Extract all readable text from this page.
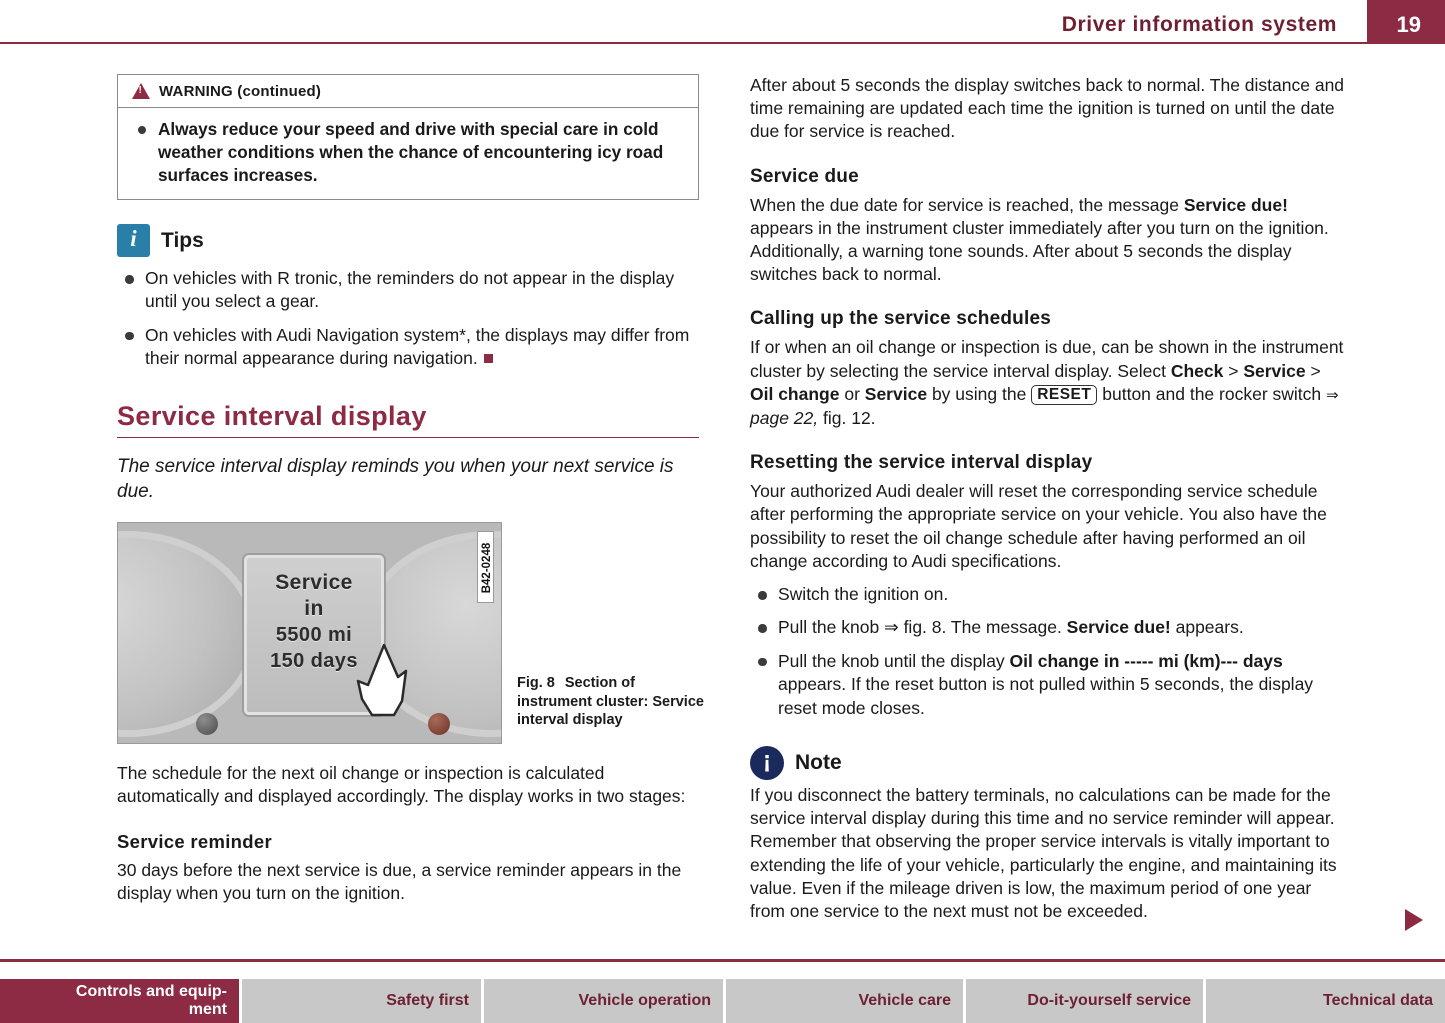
Driver information system	19
!
WARNING (continued)
Always reduce your speed and drive with special care in cold weather conditions when the chance of encountering icy road surfaces increases.
i	Tips
On vehicles with R tronic, the reminders do not appear in the display until you select a gear.
On vehicles with Audi Navigation system*, the displays may differ from their normal appearance during navigation.
Service interval display
The service interval display reminds you when your next service is due.
Service
in
5500 mi
150 days
B42-0248
Fig. 8 Section of instrument cluster: Service interval display

The schedule for the next oil change or inspection is calculated automatically and displayed accordingly. The display works in two stages:

Service reminder

30 days before the next service is due, a service reminder appears in the display when you turn on the ignition.

After about 5 seconds the display switches back to normal. The distance and time remaining are updated each time the ignition is turned on until the date due for service is reached.

Service due

When the due date for service is reached, the message Service due! appears in the instrument cluster immediately after you turn on the ignition. Additionally, a warning tone sounds. After about 5 seconds the display switches back to normal.

Calling up the service schedules

If or when an oil change or inspection is due, can be shown in the instrument cluster by selecting the service interval display. Select Check > Service > Oil change or Service by using the RESET button and the rocker switch ⇒ page 22, fig. 12.

Resetting the service interval display

Your authorized Audi dealer will reset the corresponding service schedule after performing the appropriate service on your vehicle. You also have the possibility to reset the oil change schedule after having performed an oil change according to Audi specifications.

Switch the ignition on.
Pull the knob ⇒ fig. 8. The message. Service due! appears.
Pull the knob until the display Oil change in ----- mi (km)--- days appears. If the reset button is not pulled within 5 seconds, the display reset mode closes.
!
Note

If you disconnect the battery terminals, no calculations can be made for the service interval display during this time and no service reminder will appear. Remember that observing the proper service intervals is vitally important to extending the life of your vehicle, particularly the engine, and maintaining its value. Even if the mileage driven is low, the maximum period of one year from one service to the next must not be exceeded.

Controls and equip-
ment
Safety first	Vehicle operation	Vehicle care	Do-it-yourself service	Technical data
